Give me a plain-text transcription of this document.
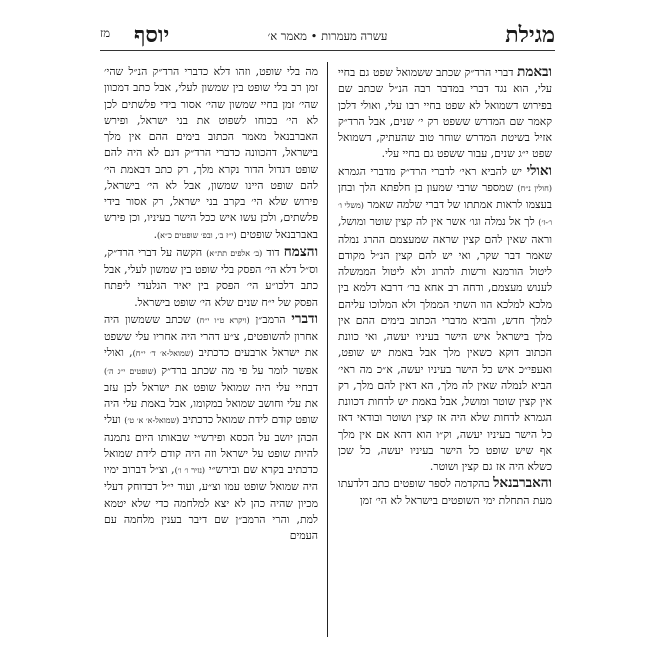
מגילת
עשרה מעמרות • מאמר א׳
יוסף
מז

ובאמת דברי הרד״ק שכתב ששמואל שפט גם בחיי עלי, הוא נגד דברי במדבר רבה הנ״ל שכתב שם בפירוש דשמואל לא שפט בחיי רבו עלי, ואולי דלכן קאמר שם המדרש ששפט רק י׳ שנים, אבל הרד״ק אזיל בשיטת המדרש שוחר טוב שהעתיק, דשמואל שפט י״ג שנים, עבור ששפט גם בחיי עלי.

ואולי יש להביא ראי׳ לדברי הרד״ק מדברי הגמרא (חולין נ״ח) שמספר שרבי שמעון בן חלפתא הלך ובחן בעצמו לראות אמתתו של דברי שלמה שאמר (משלי ו׳ ו׳-ז׳) לך אל נמלה וגו׳ אשר אין לה קצין שוטר ומושל, וראה שאין להם קצין שראה שמעצמם ההרג נמלה שאמר דבר שקר, ואי יש להם קצין הנ״ל מקודם ליטול הורמנא ורשות להרוג ולא ליטול הממשלה לענוש מעצמם, ודחה רב אחא בר׳ דרבא דלמא בין מלכא למלכא הוו השתי הממלך ולא המלוכו עליהם למלך חדש, והביא מדברי הכתוב בימים ההם אין מלך בישראל איש הישר בעיניו יעשה, ואי כוונת הכתוב דוקא כשאין מלך אבל באמת יש שופט, ואעפי״כ איש כל הישר בעיניו יעשה, א״כ מה ראי׳ הביא לנמלה שאין לה מלך, הא דאין להם מלך, רק אין קצין שוטר ומושל, אבל באמת יש לדחות דכוונת הגמרא לדחות שלא היה אז קצין ושוטר ובודאי דאז כל הישר בעיניו יעשה, וק״ו הוא דהא אם אין מלך אף שיש שופט כל הישר בעיניו יעשה, כל שכן כשלא היה אז גם קצין ושוטר.

והאברבנאל בהקדמה לספר שופטים כתב דלדעתו מעת התחלת ימי השופטים בישראל לא הי׳ זמן

מה בלי שופט, וזהו דלא כדברי הרד״ק הנ״ל שהי׳ זמן רב בלי שופט בין שמשון לעלי, אבל כתב דמכוון שהי׳ זמן בחיי שמשון שהי׳ אסור בידי פלשתים לכן לא הי׳ בכוחו לשפוט את בני ישראל, ופירש האברבנאל מאמר הכתוב בימים ההם אין מלך בישראל, דהכוונה כדברי הרד״ק דגם לא היה להם שופט דגדול הדור נקרא מלך, רק כתב דבאמת הי׳ להם שופט היינו שמשון, אבל לא הי׳ בישראל, פירוש שלא הי׳ בקרב בני ישראל, רק אסור בידי פלשתים, ולכן עשו איש ככל הישר בעיניו, וכן פירש באברבנאל שופטים (י״ז ב׳, ובפ׳ שופטים כ״א).

והצמח דוד (ב׳ אלפים תת״א) הקשה על דברי הרד״ק, וס״ל דלא הי׳ הפסק בלי שופט בין שמשון לעלי, אבל כתב דלכו״ע הי׳ הפסק בין יאיר הגלעדי ליפתח הפסק של י״ח שנים שלא הי׳ שופט בישראל.

ודברי הרמב״ן (ויקרא ט״ו י״ח) שכתב ששמשון היה אחרון להשופטים, צ״ע דהרי היה אחריו עלי ששפט את ישראל ארבעים כדכתיב (שמואל-א׳ ד׳ י״ח), ואולי אפשר לומר על פי מה שכתב ברד״ק (שופטים י״ג ה׳) דבחיי עלי היה שמואל שופט את ישראל לכן עזב את עלי וחושב שמואל במקומו, אבל באמת עלי היה שופט קודם לידת שמואל כדכתיב (שמואל-א׳ א׳ ט׳) ועלי הכהן יושב על הכסא ופירש״י שבאותו היום נתמנה להיות שופט על ישראל וזה היה קודם לידת שמואל כדכתיב בקרא שם ובירש״י (נזיר ו׳ ו׳), וצ״ל דברוב ימיו היה שמואל שופט עמו וצ״ע, ועוד י״ל דבדוחק דעלי מכיון שהיה כהן לא יצא למלחמה כדי שלא יטמא למת, והרי הרמב״ן שם דיבר בענין מלחמה עם העמים
